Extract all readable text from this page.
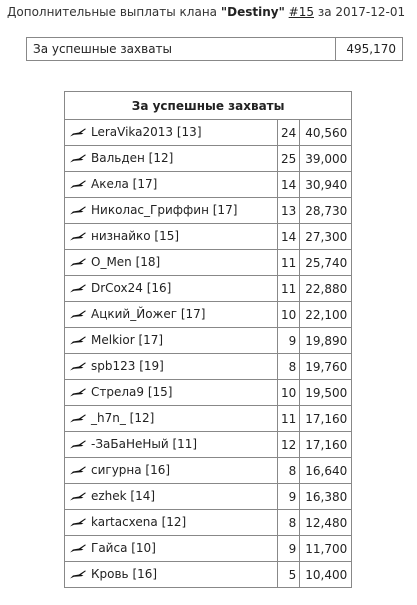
Дополнительные выплаты клана "Destiny" #15 за 2017-12-01
За успешные захваты	495,170
За успешные захваты		
LeraVika2013 [13]	24	40,560
Вальден [12]	25	39,000
Акела [17]	14	30,940
Николас_Гриффин [17]	13	28,730
низнайко [15]	14	27,300
O_Men [18]	11	25,740
DrCox24 [16]	11	22,880
Ацкий_Йожег [17]	10	22,100
Melkior [17]	9	19,890
spb123 [19]	8	19,760
Стрела9 [15]	10	19,500
_h7n_ [12]	11	17,160
-ЗаБаНеНый [11]	12	17,160
сигурна [16]	8	16,640
ezhek [14]	9	16,380
kartacxena [12]	8	12,480
Гайса [10]	9	11,700
Кровь [16]	5	10,400
